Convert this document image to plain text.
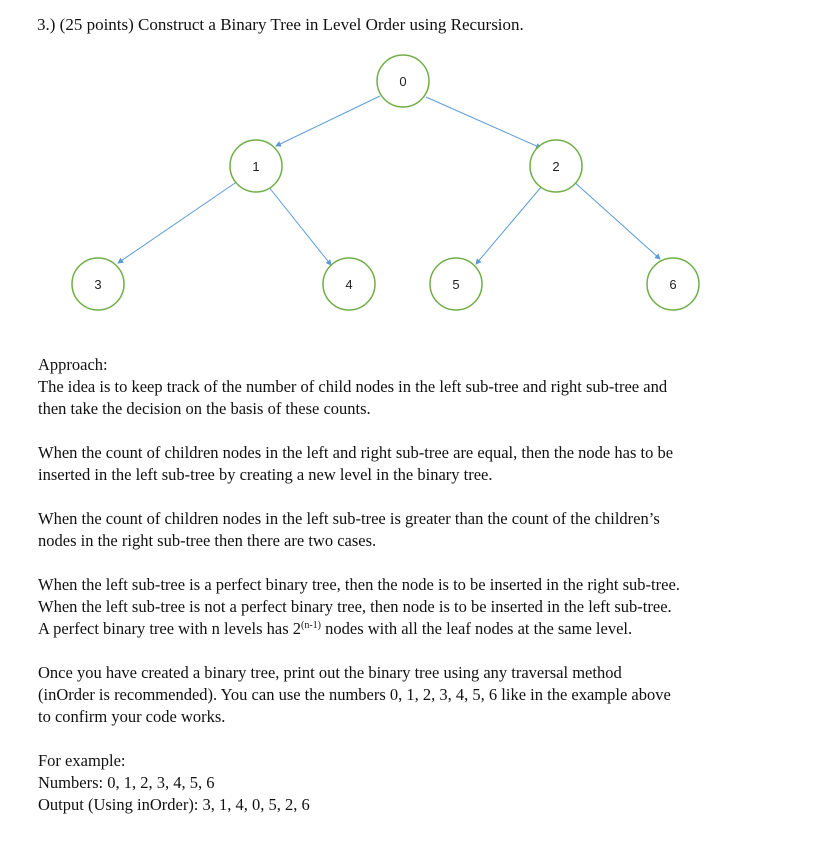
3.) (25 points) Construct a Binary Tree in Level Order using Recursion.
0
1	2
3	4	5	6

Approach:

The idea is to keep track of the number of child nodes in the left sub-tree and right sub-tree and

then take the decision on the basis of these counts.

When the count of children nodes in the left and right sub-tree are equal, then the node has to be

inserted in the left sub-tree by creating a new level in the binary tree.

When the count of children nodes in the left sub-tree is greater than the count of the children’s

nodes in the right sub-tree then there are two cases.

When the left sub-tree is a perfect binary tree, then the node is to be inserted in the right sub-tree.

When the left sub-tree is not a perfect binary tree, then node is to be inserted in the left sub-tree.

A perfect binary tree with n levels has 2$^{(n-1)}$ nodes with all the leaf nodes at the same level.

Once you have created a binary tree, print out the binary tree using any traversal method

(inOrder is recommended). You can use the numbers 0, 1, 2, 3, 4, 5, 6 like in the example above

to confirm your code works.

For example:

Numbers: 0, 1, 2, 3, 4, 5, 6

Output (Using inOrder): 3, 1, 4, 0, 5, 2, 6
